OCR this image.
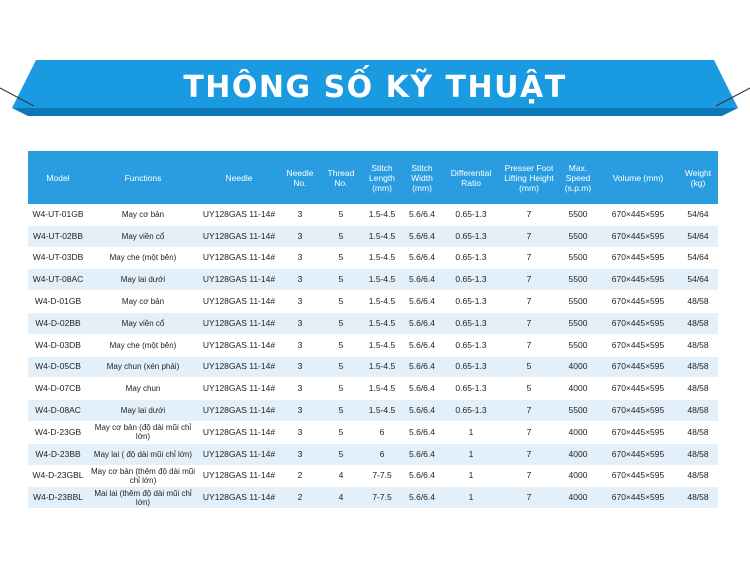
THÔNG SỐ KỸ THUẬT
Model	Functions	Needle	Needle No.	Thread No.	Stitch Length (mm)	Stitch Width (mm)	Differential Ratio	Presser Foot Lifting Height (mm)	Max. Speed (s.p.m)	Volume (mm)	Weight (kg)
W4-UT-01GB	May cơ bản	UY128GAS 11-14#	3	5	1.5-4.5	5.6/6.4	0.65-1.3	7	5500	670×445×595	54/64
W4-UT-02BB	May viền cổ	UY128GAS 11-14#	3	5	1.5-4.5	5.6/6.4	0.65-1.3	7	5500	670×445×595	54/64
W4-UT-03DB	May che (một bên)	UY128GAS 11-14#	3	5	1.5-4.5	5.6/6.4	0.65-1.3	7	5500	670×445×595	54/64
W4-UT-08AC	May lai dưới	UY128GAS 11-14#	3	5	1.5-4.5	5.6/6.4	0.65-1.3	7	5500	670×445×595	54/64
W4-D-01GB	May cơ bản	UY128GAS 11-14#	3	5	1.5-4.5	5.6/6.4	0.65-1.3	7	5500	670×445×595	48/58
W4-D-02BB	May viền cổ	UY128GAS 11-14#	3	5	1.5-4.5	5.6/6.4	0.65-1.3	7	5500	670×445×595	48/58
W4-D-03DB	May che (một bên)	UY128GAS 11-14#	3	5	1.5-4.5	5.6/6.4	0.65-1.3	7	5500	670×445×595	48/58
W4-D-05CB	May chun (xén phải)	UY128GAS 11-14#	3	5	1.5-4.5	5.6/6.4	0.65-1.3	5	4000	670×445×595	48/58
W4-D-07CB	May chun	UY128GAS 11-14#	3	5	1.5-4.5	5.6/6.4	0.65-1.3	5	4000	670×445×595	48/58
W4-D-08AC	May lai dưới	UY128GAS 11-14#	3	5	1.5-4.5	5.6/6.4	0.65-1.3	7	5500	670×445×595	48/58
W4-D-23GB	May cơ bản (độ dài mũi chỉ lớn)	UY128GAS 11-14#	3	5	6	5.6/6.4	1	7	4000	670×445×595	48/58
W4-D-23BB	May lai ( độ dài mũi chỉ lớn)	UY128GAS 11-14#	3	5	6	5.6/6.4	1	7	4000	670×445×595	48/58
W4-D-23GBL	May cơ bản (thêm độ dài mũi chỉ lớn)	UY128GAS 11-14#	2	4	7-7.5	5.6/6.4	1	7	4000	670×445×595	48/58
W4-D-23BBL	Mai lai (thêm độ dài mũi chỉ lớn)	UY128GAS 11-14#	2	4	7-7.5	5.6/6.4	1	7	4000	670×445×595	48/58
